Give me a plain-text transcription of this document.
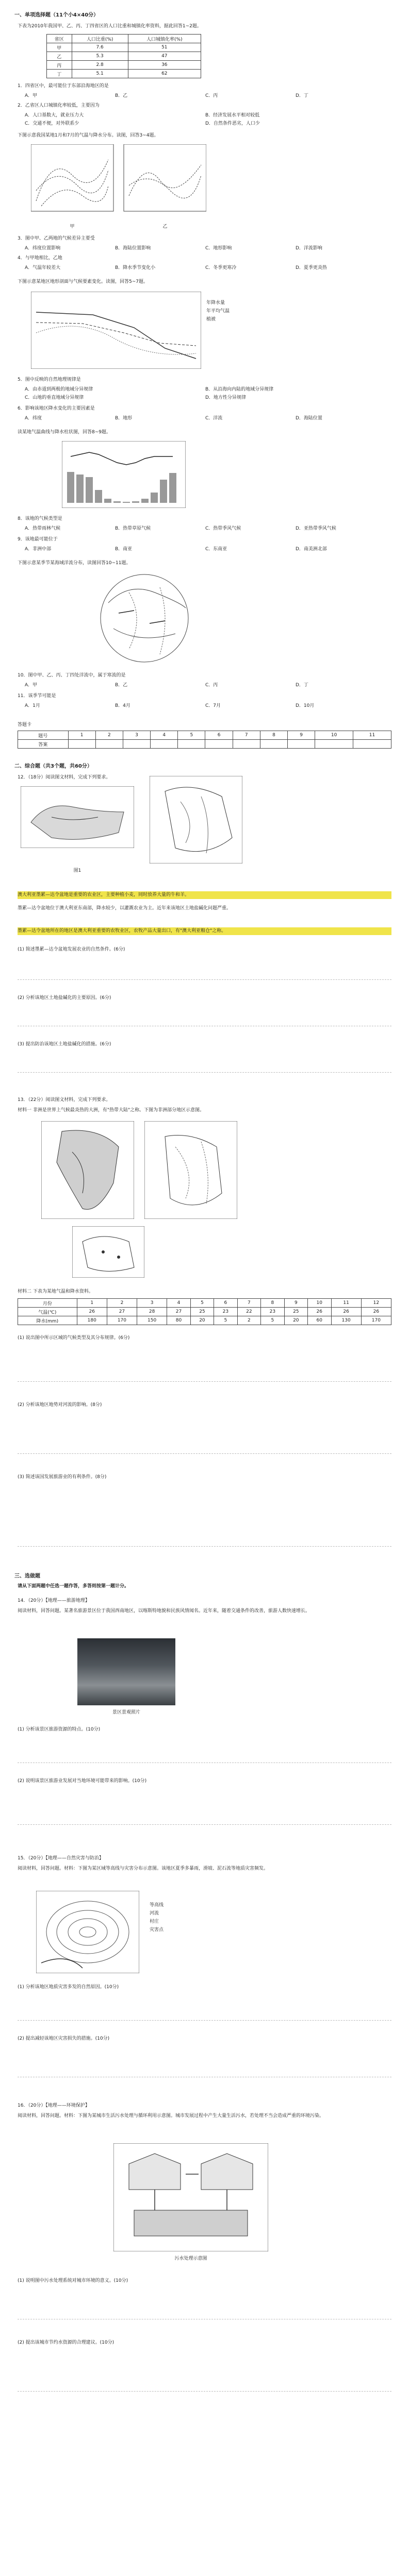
一、单项选择题（11个小4×40分）
下表为2010年我国甲、乙、丙、丁四省区的人口比重和城镇化率资料，据此回答1~2题。
省区	人口比重(%)	人口城镇化率(%)
甲	7.6	51
乙	5.3	47
丙	2.8	36
丁	5.1	62
1．四省区中，最可能位于东部沿海地区的是
A．甲	B．乙	C．丙	D．丁
2．乙省区人口城镇化率较低，主要因为
A．人口基数大，就业压力大	B．经济发展水平相对较低
C．交通不便，对外联系少	D．自然条件恶劣，人口少
下图示意我国某地1月和7月的气温与降水分布。读图，回答3~4题。
甲	乙
3．图中甲、乙两地的气候差异主要受
A．纬度位置影响	B．海陆位置影响	C．地形影响	D．洋流影响
4．与甲地相比，乙地
A．气温年较差大	B．降水季节变化小	C．冬季更寒冷	D．夏季更炎热
下图示意某地区地形剖面与气候要素变化。读图，回答5~7题。
年降水量
年平均气温
植被
5．图中反映的自然地理规律是
A．由赤道到两极的地域分异规律	B．从沿海向内陆的地域分异规律
C．山地的垂直地域分异规律	D．地方性分异规律
6．影响该地区降水变化的主要因素是
A．纬度	B．地形	C．洋流	D．海陆位置
读某地气温曲线与降水柱状图，回答8~9题。
8．该地的气候类型是
A．热带雨林气候	B．热带草原气候	C．热带季风气候	D．亚热带季风气候
9．该地最可能位于
A．非洲中部	B．南亚	C．东南亚	D．南美洲北部
下图示意某季节某海域洋流分布，读图回答10~11题。
10．图中甲、乙、丙、丁四处洋流中，属于寒流的是
A．甲	B．乙	C．丙	D．丁
11．该季节可能是
A．1月	B．4月	C．7月	D．10月
答题卡
题号	1	2	3	4	5	6	7	8	9	10	11
答案											
二、综合题（共3个题，共60分）
12．（18分）阅读图文材料，完成下列要求。
图1
澳大利亚墨累—达令盆地是重要的农业区，主要种植小麦，同时放养大量的牛和羊。
墨累—达令盆地位于澳大利亚东南部，降水较少，以灌溉农业为主。近年来该地区土地盐碱化问题严重。
墨累—达令盆地所在的地区是澳大利亚重要的农牧业区，农牧产品大量出口，有"澳大利亚粮仓"之称。
(1) 简述墨累—达令盆地发展农业的自然条件。(6分)
(2) 分析该地区土地盐碱化的主要原因。(6分)
(3) 提出防治该地区土地盐碱化的措施。(6分)
13．（22分）阅读图文材料，完成下列要求。
材料一 非洲是世界上气候最炎热的大洲，有"热带大陆"之称。下图为非洲部分地区示意图。
材料二 下表为某地气温和降水资料。
月份	1	2	3	4	5	6	7	8	9	10	11	12
气温(℃)	26	27	28	27	25	23	22	23	25	26	26	26
降水(mm)	180	170	150	80	20	5	2	5	20	60	130	170
(1) 说出图中所示区域的气候类型及其分布规律。(6分)
(2) 分析该地区地势对河流的影响。(8分)
(3) 简述该国发展旅游业的有利条件。(8分)
三、选做题
请从下面两题中任选一题作答，多答则按第一题计分。
14．（20分）【地理——旅游地理】
阅读材料，回答问题。某著名旅游景区位于我国西南地区，以喀斯特地貌和民族风情闻名。近年来，随着交通条件的改善，旅游人数快速增长。
景区景观照片
(1) 分析该景区旅游资源的特点。(10分)
(2) 说明该景区旅游业发展对当地环境可能带来的影响。(10分)
15．（20分）【地理——自然灾害与防治】
阅读材料，回答问题。材料：下图为某区域等高线与灾害分布示意图。该地区夏季多暴雨，滑坡、泥石流等地质灾害频发。
等高线
河流
村庄
灾害点
(1) 分析该地区地质灾害多发的自然原因。(10分)
(2) 提出减轻该地区灾害损失的措施。(10分)
16．（20分）【地理——环境保护】
阅读材料，回答问题。材料：下图为某城市生活污水处理与循环利用示意图。城市发展过程中产生大量生活污水，若处理不当会造成严重的环境污染。
污水处理示意图
(1) 说明图中污水处理系统对城市环境的意义。(10分)
(2) 提出该城市节约水资源的合理建议。(10分)
